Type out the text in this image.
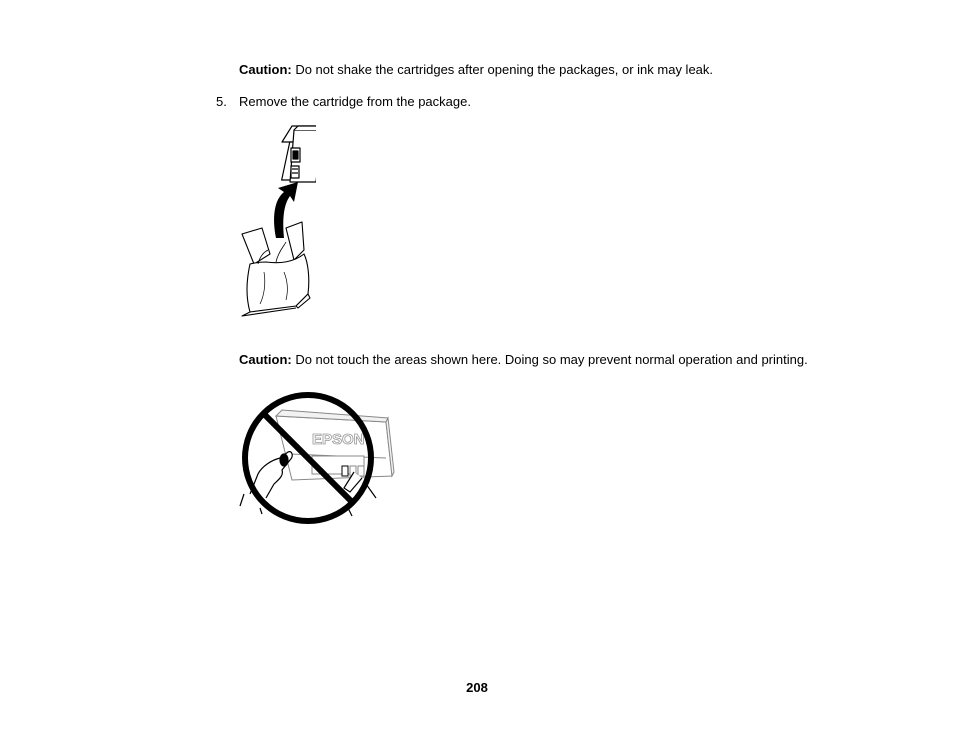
Caution: Do not shake the cartridges after opening the packages, or ink may leak.
5. Remove the cartridge from the package.
Caution: Do not touch the areas shown here. Doing so may prevent normal operation and printing.
EPSON
208
